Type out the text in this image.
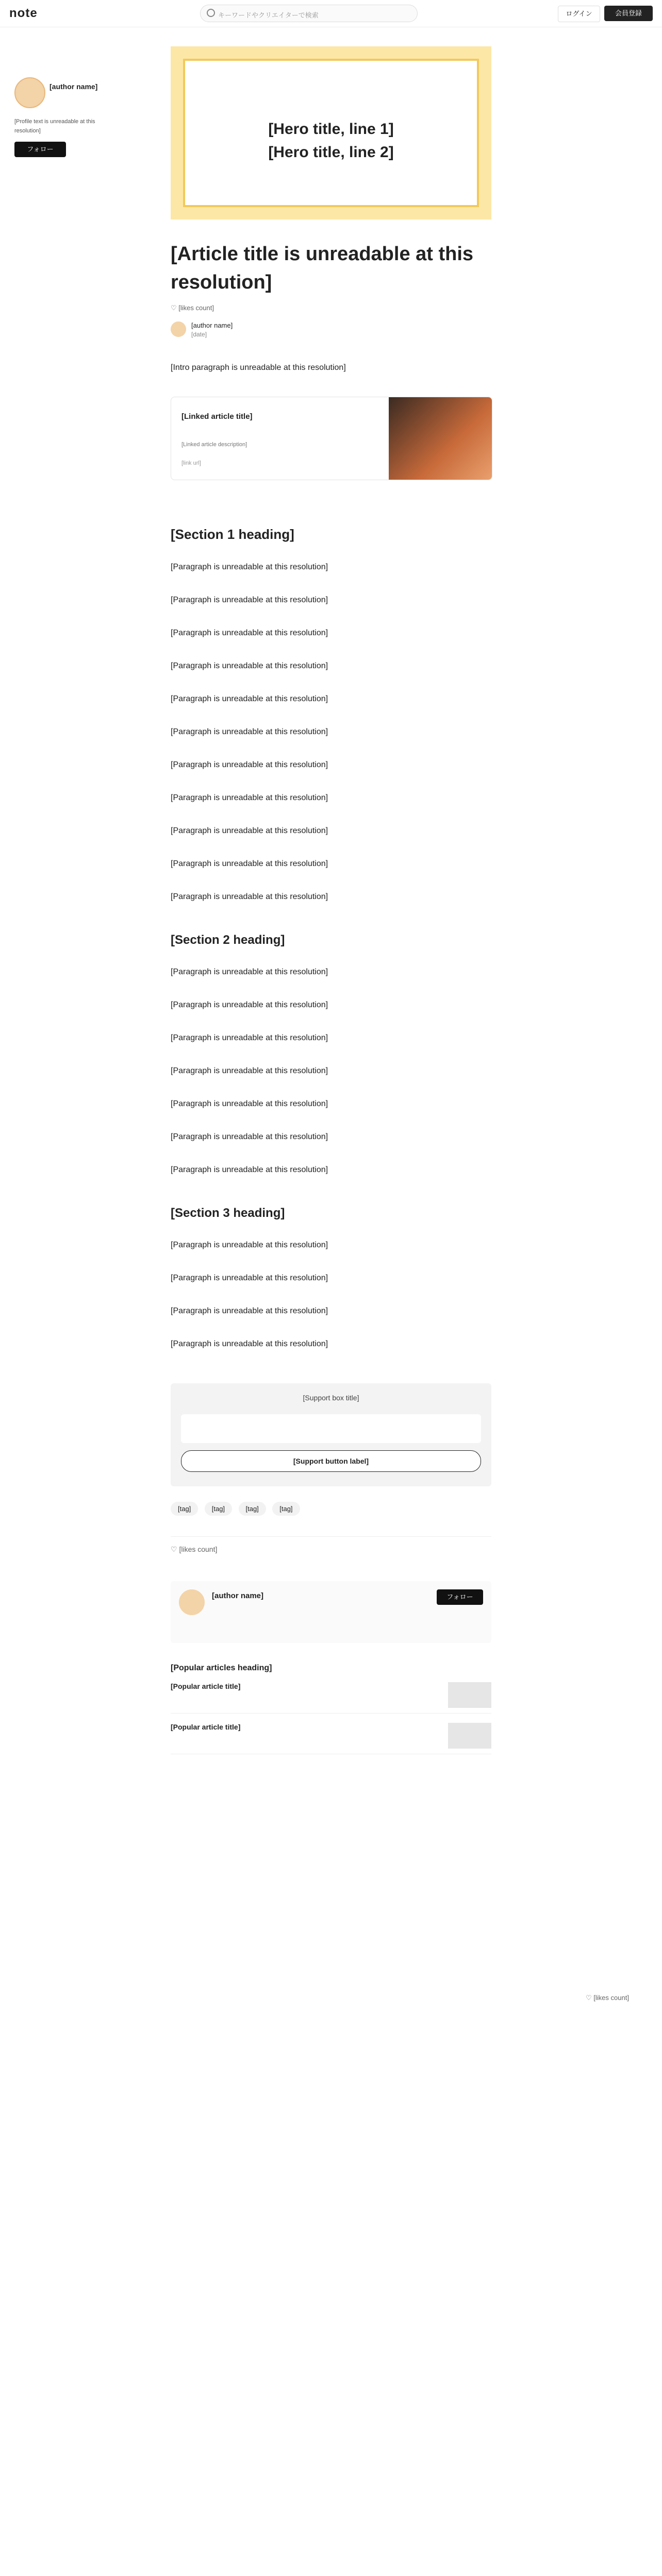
note	キーワードやクリエイターで検索	ログイン	会員登録
[author name]
[Profile text is unreadable at this resolution]
フォロー
[Hero title, line 1]
[Hero title, line 2]
[Article title is unreadable at this resolution]
♡ [likes count]
[author name]
[date]

[Intro paragraph is unreadable at this resolution]

[Linked article title]
[Linked article description]
[link url]
[Section 1 heading]

[Paragraph is unreadable at this resolution]

[Paragraph is unreadable at this resolution]

[Paragraph is unreadable at this resolution]

[Paragraph is unreadable at this resolution]

[Paragraph is unreadable at this resolution]

[Paragraph is unreadable at this resolution]

[Paragraph is unreadable at this resolution]

[Paragraph is unreadable at this resolution]

[Paragraph is unreadable at this resolution]

[Paragraph is unreadable at this resolution]

[Paragraph is unreadable at this resolution]

[Section 2 heading]

[Paragraph is unreadable at this resolution]

[Paragraph is unreadable at this resolution]

[Paragraph is unreadable at this resolution]

[Paragraph is unreadable at this resolution]

[Paragraph is unreadable at this resolution]

[Paragraph is unreadable at this resolution]

[Paragraph is unreadable at this resolution]

[Section 3 heading]

[Paragraph is unreadable at this resolution]

[Paragraph is unreadable at this resolution]

[Paragraph is unreadable at this resolution]

[Paragraph is unreadable at this resolution]

[Support box title]
[Support button label]
[tag]	[tag]	[tag]	[tag]
♡ [likes count]
[author name]	フォロー
[Popular articles heading]
[Popular article title]
[Popular article title]
♡ [likes count]
